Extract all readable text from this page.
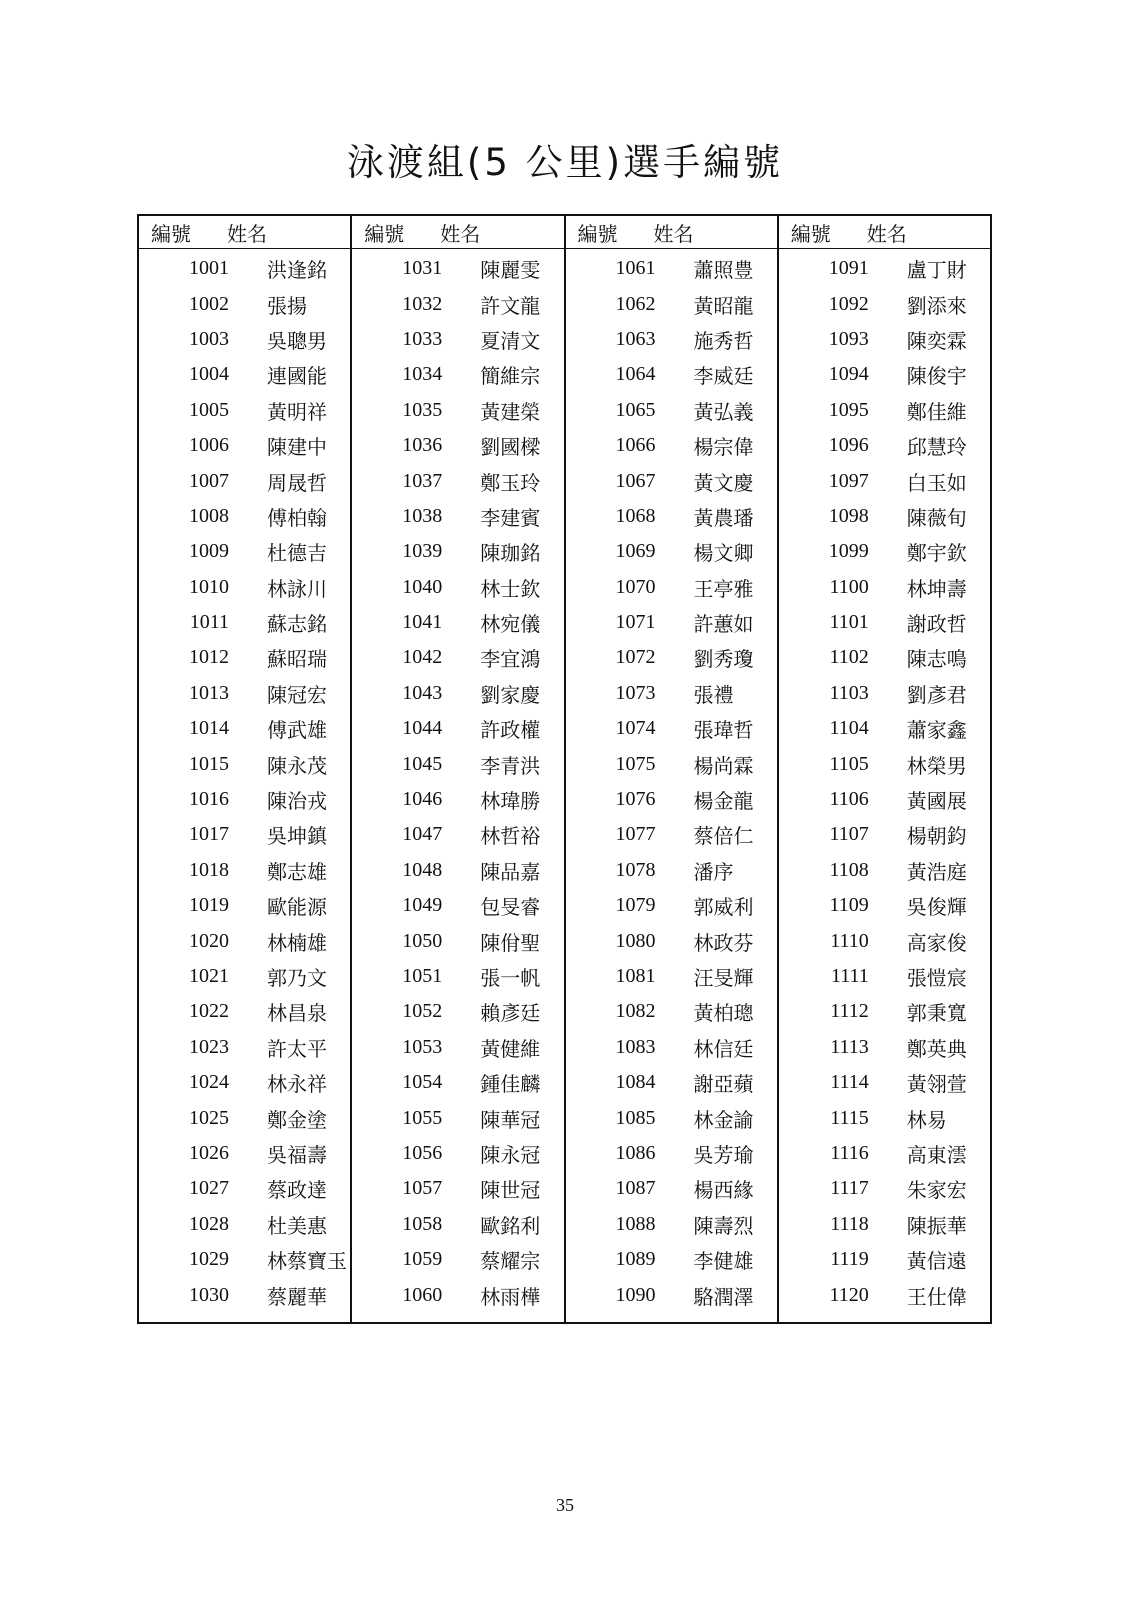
泳渡組(5 公里)選手編號
編號	姓名
1001	洪逢銘
1002	張揚
1003	吳聰男
1004	連國能
1005	黃明祥
1006	陳建中
1007	周晟哲
1008	傅柏翰
1009	杜德吉
1010	林詠川
1011	蘇志銘
1012	蘇昭瑞
1013	陳冠宏
1014	傅武雄
1015	陳永茂
1016	陳治戎
1017	吳坤鎮
1018	鄭志雄
1019	歐能源
1020	林楠雄
1021	郭乃文
1022	林昌泉
1023	許太平
1024	林永祥
1025	鄭金塗
1026	吳福壽
1027	蔡政達
1028	杜美惠
1029	林蔡寶玉
1030	蔡麗華
編號	姓名
1031	陳麗雯
1032	許文龍
1033	夏清文
1034	簡維宗
1035	黃建榮
1036	劉國樑
1037	鄭玉玲
1038	李建賓
1039	陳珈銘
1040	林士欽
1041	林宛儀
1042	李宜鴻
1043	劉家慶
1044	許政權
1045	李青洪
1046	林瑋勝
1047	林哲裕
1048	陳品嘉
1049	包旻睿
1050	陳佾聖
1051	張一帆
1052	賴彥廷
1053	黃健維
1054	鍾佳麟
1055	陳華冠
1056	陳永冠
1057	陳世冠
1058	歐銘利
1059	蔡耀宗
1060	林雨樺
編號	姓名
1061	蕭照豊
1062	黃昭龍
1063	施秀哲
1064	李威廷
1065	黃弘義
1066	楊宗偉
1067	黃文慶
1068	黃農璠
1069	楊文卿
1070	王亭雅
1071	許蕙如
1072	劉秀瓊
1073	張禮
1074	張瑋哲
1075	楊尚霖
1076	楊金龍
1077	蔡倍仁
1078	潘序
1079	郭威利
1080	林政芬
1081	汪旻輝
1082	黃柏璁
1083	林信廷
1084	謝亞蘋
1085	林金諭
1086	吳芳瑜
1087	楊西緣
1088	陳壽烈
1089	李健雄
1090	駱潤澤
編號	姓名
1091	盧丁財
1092	劉添來
1093	陳奕霖
1094	陳俊宇
1095	鄭佳維
1096	邱慧玲
1097	白玉如
1098	陳薇旬
1099	鄭宇欽
1100	林坤壽
1101	謝政哲
1102	陳志鳴
1103	劉彥君
1104	蕭家鑫
1105	林榮男
1106	黃國展
1107	楊朝鈞
1108	黃浩庭
1109	吳俊輝
1110	高家俊
1111	張愷宸
1112	郭秉寬
1113	鄭英典
1114	黃翎萱
1115	林易
1116	高東澐
1117	朱家宏
1118	陳振華
1119	黃信遠
1120	王仕偉
35
